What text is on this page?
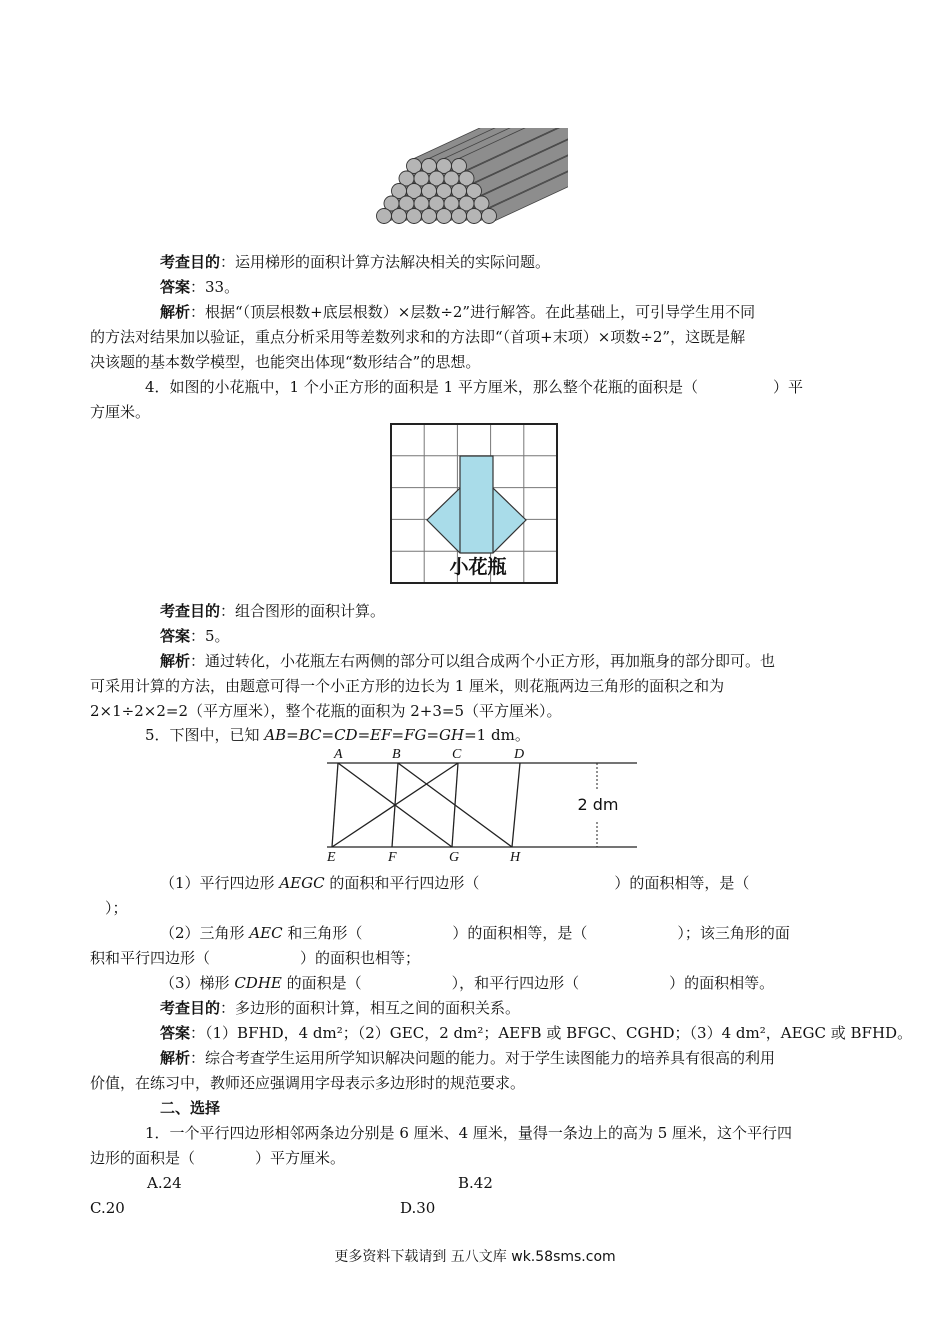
考查目的：运用梯形的面积计算方法解决相关的实际问题。
答案：33。
解析：根据“（顶层根数+底层根数）×层数÷2”进行解答。在此基础上，可引导学生用不同
的方法对结果加以验证，重点分析采用等差数列求和的方法即“（首项+末项）×项数÷2”，这既是解
决该题的基本数学模型，也能突出体现“数形结合”的思想。
4．如图的小花瓶中，1 个小正方形的面积是 1 平方厘米，那么整个花瓶的面积是（　　　　　）平
方厘米。
小花瓶
考查目的：组合图形的面积计算。
答案：5。
解析：通过转化，小花瓶左右两侧的部分可以组合成两个小正方形，再加瓶身的部分即可。也
可采用计算的方法，由题意可得一个小正方形的边长为 1 厘米，则花瓶两边三角形的面积之和为
2×1÷2×2=2（平方厘米），整个花瓶的面积为 2+3=5（平方厘米）。
5．下图中，已知 AB=BC=CD=EF=FG=GH=1 dm。
A	B	C	D
E	F	G	H
2 dm
（1）平行四边形 AEGC 的面积和平行四边形（　　　　　　　　　）的面积相等，是（
　）；
（2）三角形 AEC 和三角形（　　　　　　）的面积相等，是（　　　　　　）；该三角形的面
积和平行四边形（　　　　　　）的面积也相等；
（3）梯形 CDHE 的面积是（　　　　　　），和平行四边形（　　　　　　）的面积相等。
考查目的：多边形的面积计算，相互之间的面积关系。
答案：（1）BFHD，4 dm²；（2）GEC，2 dm²；AEFB 或 BFGC、CGHD；（3）4 dm²，AEGC 或 BFHD。
解析：综合考查学生运用所学知识解决问题的能力。对于学生读图能力的培养具有很高的利用
价值，在练习中，教师还应强调用字母表示多边形时的规范要求。
二、选择
1．一个平行四边形相邻两条边分别是 6 厘米、4 厘米，量得一条边上的高为 5 厘米，这个平行四
边形的面积是（　　　　）平方厘米。
A.24	B.42
C.20	D.30
更多资料下载请到 五八文库 wk.58sms.com
